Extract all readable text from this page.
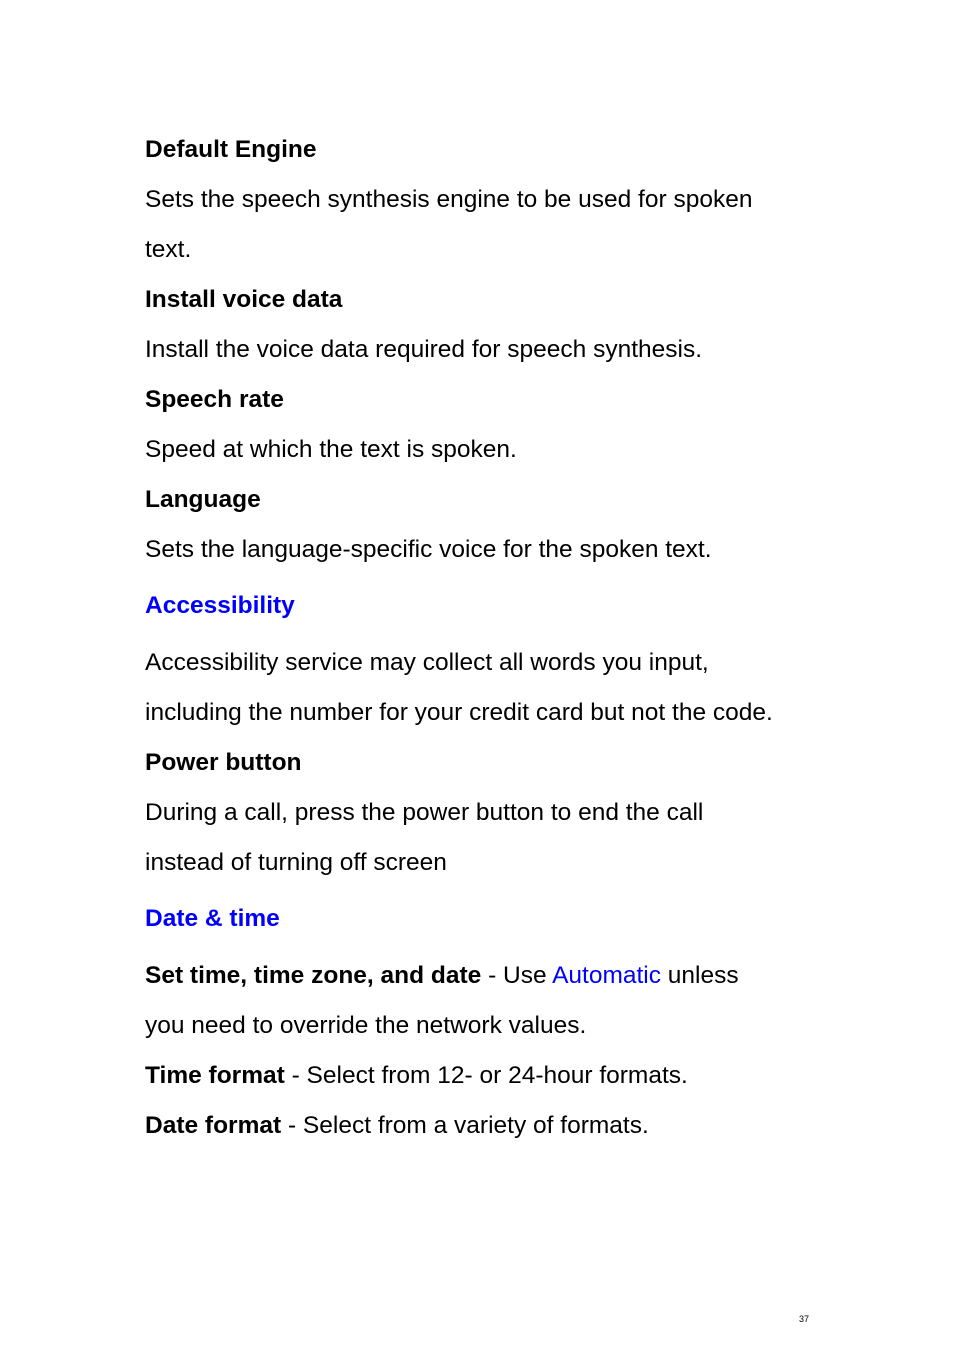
Default Engine
Sets the speech synthesis engine to be used for spoken
text.
Install voice data
Install the voice data required for speech synthesis.
Speech rate
Speed at which the text is spoken.
Language
Sets the language-specific voice for the spoken text.
Accessibility
Accessibility service may collect all words you input,
including the number for your credit card but not the code.
Power button
During a call, press the power button to end the call
instead of turning off screen
Date & time
Set time, time zone, and date - Use Automatic unless
you need to override the network values.
Time format - Select from 12- or 24-hour formats.
Date format - Select from a variety of formats.
37
